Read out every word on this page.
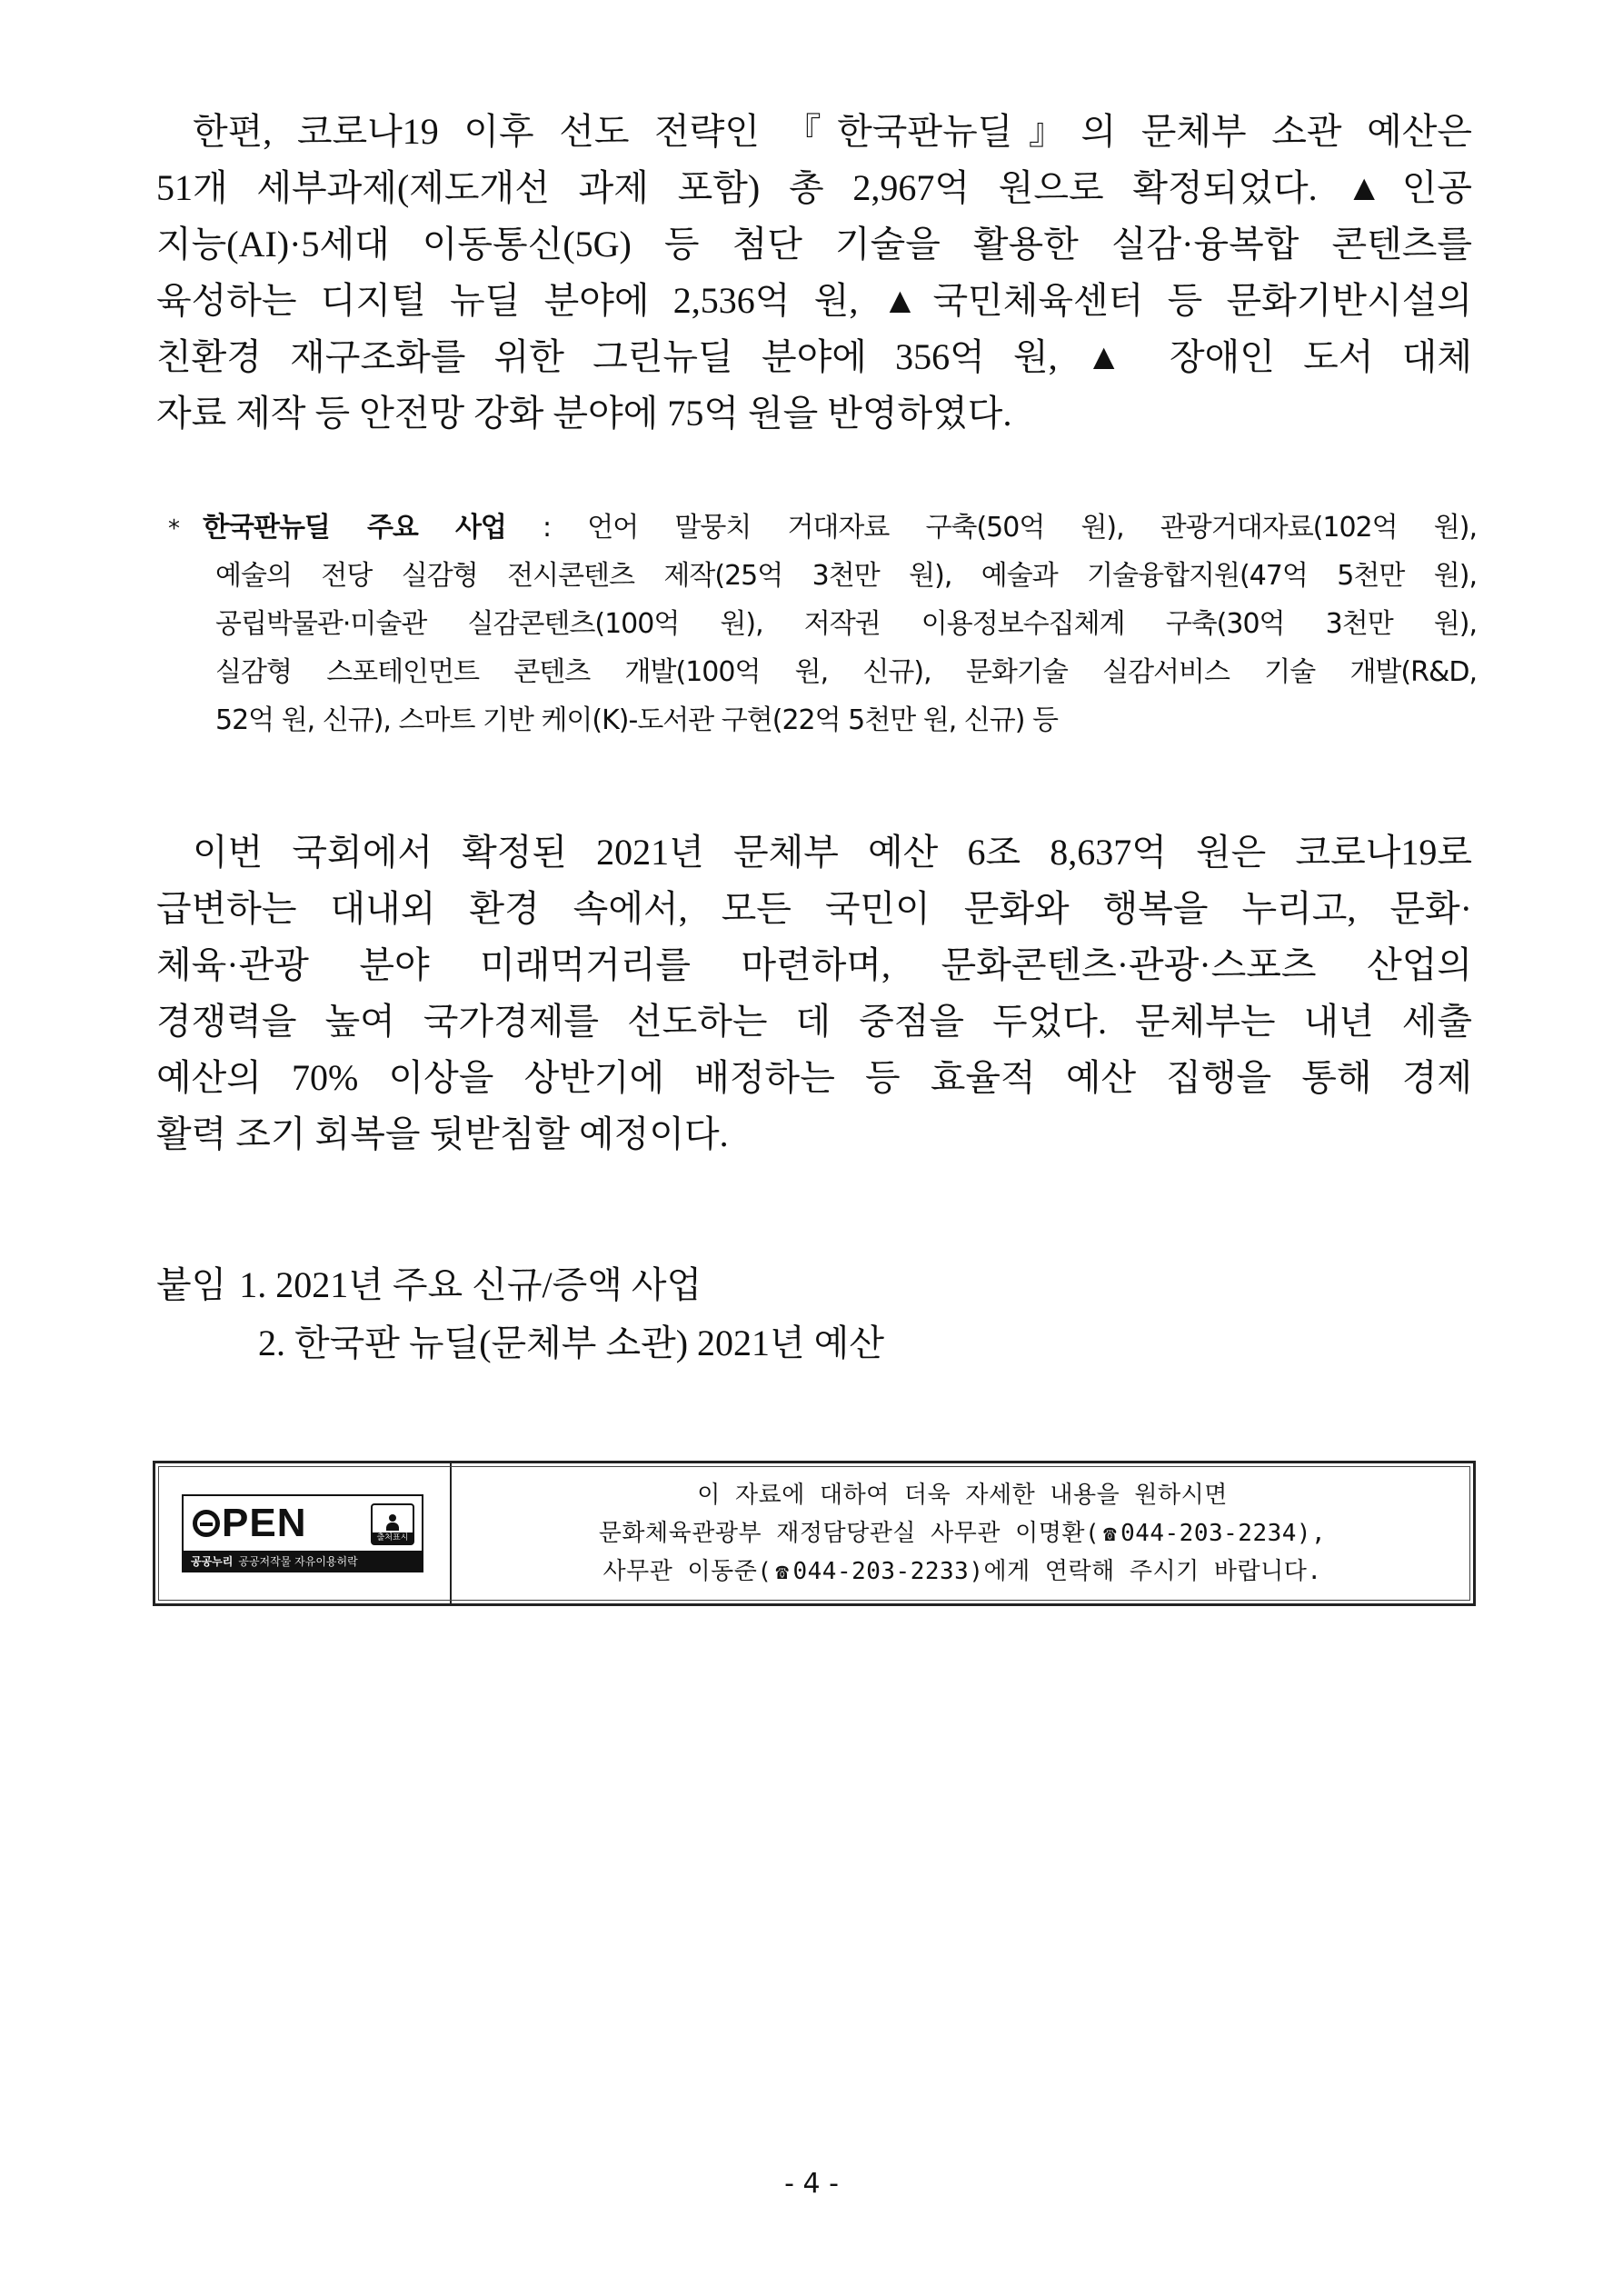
한편, 코로나19 이후 선도 전략인 『한국판뉴딜』의 문체부 소관 예산은
51개 세부과제(제도개선 과제 포함) 총 2,967억 원으로 확정되었다. ▲인공
지능(AI)·5세대 이동통신(5G) 등 첨단 기술을 활용한 실감·융복합 콘텐츠를
육성하는 디지털 뉴딜 분야에 2,536억 원, ▲국민체육센터 등 문화기반시설의
친환경 재구조화를 위한 그린뉴딜 분야에 356억 원, ▲ 장애인 도서 대체
자료 제작 등 안전망 강화 분야에 75억 원을 반영하였다.
* 한국판뉴딜 주요 사업 : 언어 말뭉치 거대자료 구축(50억 원), 관광거대자료(102억 원),
예술의 전당 실감형 전시콘텐츠 제작(25억 3천만 원), 예술과 기술융합지원(47억 5천만 원),
공립박물관·미술관 실감콘텐츠(100억 원), 저작권 이용정보수집체계 구축(30억 3천만 원),
실감형 스포테인먼트 콘텐츠 개발(100억 원, 신규), 문화기술 실감서비스 기술 개발(R&D,
52억 원, 신규), 스마트 기반 케이(K)-도서관 구현(22억 5천만 원, 신규) 등
이번 국회에서 확정된 2021년 문체부 예산 6조 8,637억 원은 코로나19로
급변하는 대내외 환경 속에서, 모든 국민이 문화와 행복을 누리고, 문화·
체육·관광 분야 미래먹거리를 마련하며, 문화콘텐츠·관광·스포츠 산업의
경쟁력을 높여 국가경제를 선도하는 데 중점을 두었다. 문체부는 내년 세출
예산의 70% 이상을 상반기에 배정하는 등 효율적 예산 집행을 통해 경제
활력 조기 회복을 뒷받침할 예정이다.
붙임 1. 2021년 주요 신규/증액 사업
2. 한국판 뉴딜(문체부 소관) 2021년 예산
PEN	출처표시
공공누리 공공저작물 자유이용허락
이 자료에 대하여 더욱 자세한 내용을 원하시면
문화체육관광부 재정담당관실 사무관 이명환( ☎ 044-203-2234),
사무관 이동준( ☎ 044-203-2233)에게 연락해 주시기 바랍니다.
- 4 -
